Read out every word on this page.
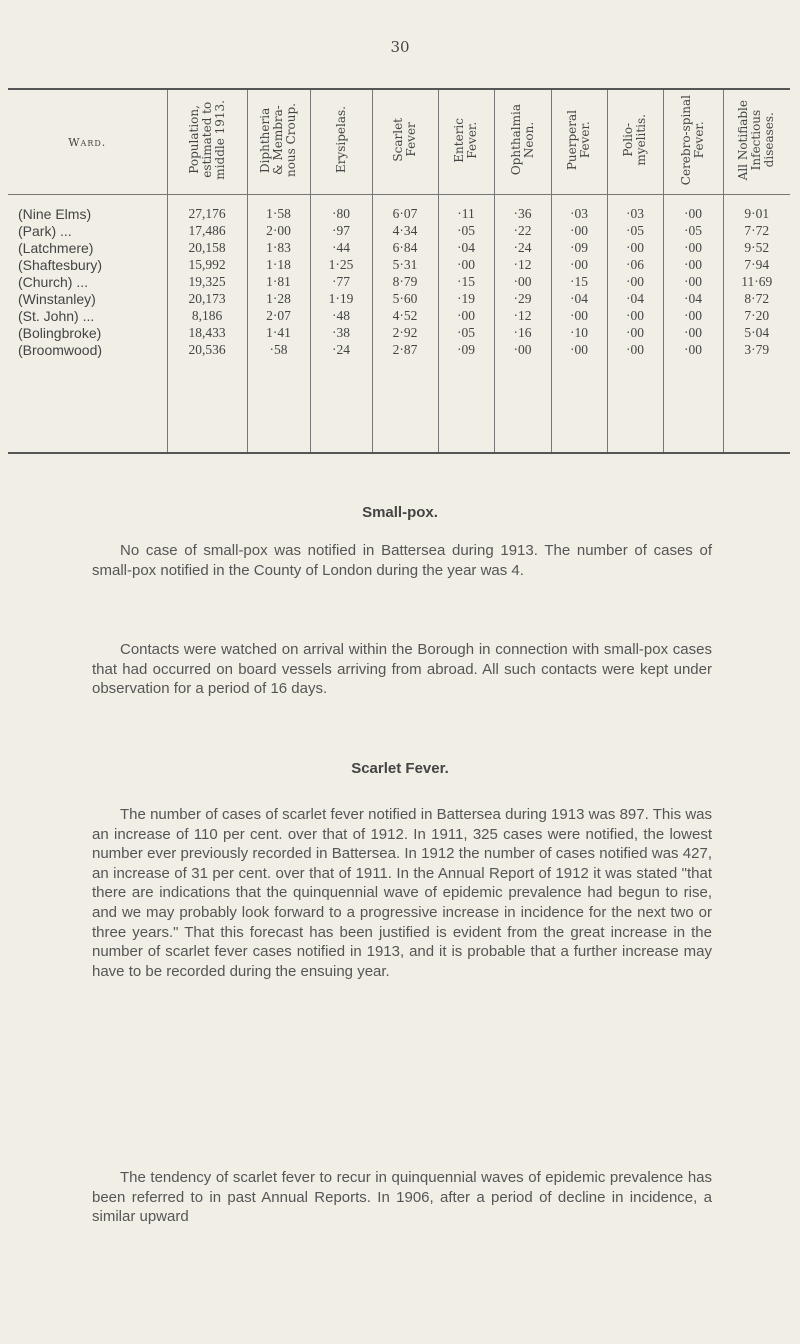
30
Ward.	Population,
estimated to
middle 1913.	Diphtheria
& Membra-
nous Croup.	Erysipelas.	Scarlet
Fever	Enteric
Fever.	Ophthalmia
Neon.	Puerperal
Fever.	Polio-
myelitis.	Cerebro-spinal
Fever.	All Notifiable
Infectious
diseases.
(Nine Elms)	27,176	1·58	·80	6·07	·11	·36	·03	·03	·00	9·01
(Park) ...	17,486	2·00	·97	4·34	·05	·22	·00	·05	·05	7·72
(Latchmere)	20,158	1·83	·44	6·84	·04	·24	·09	·00	·00	9·52
(Shaftesbury)	15,992	1·18	1·25	5·31	·00	·12	·00	·06	·00	7·94
(Church) ...	19,325	1·81	·77	8·79	·15	·00	·15	·00	·00	11·69
(Winstanley)	20,173	1·28	1·19	5·60	·19	·29	·04	·04	·04	8·72
(St. John) ...	8,186	2·07	·48	4·52	·00	·12	·00	·00	·00	7·20
(Bolingbroke)	18,433	1·41	·38	2·92	·05	·16	·10	·00	·00	5·04
(Broomwood)	20,536	·58	·24	2·87	·09	·00	·00	·00	·00	3·79

Small-pox.
No case of small-pox was notified in Battersea during 1913. The number of cases of small-pox notified in the County of London during the year was 4.
Contacts were watched on arrival within the Borough in connection with small-pox cases that had occurred on board vessels arriving from abroad. All such contacts were kept under observation for a period of 16 days.
Scarlet Fever.
The number of cases of scarlet fever notified in Battersea during 1913 was 897. This was an increase of 110 per cent. over that of 1912. In 1911, 325 cases were notified, the lowest number ever previously recorded in Battersea. In 1912 the number of cases notified was 427, an increase of 31 per cent. over that of 1911. In the Annual Report of 1912 it was stated "that there are indications that the quinquennial wave of epidemic prevalence had begun to rise, and we may probably look forward to a progressive increase in incidence for the next two or three years." That this forecast has been justified is evident from the great increase in the number of scarlet fever cases notified in 1913, and it is probable that a further increase may have to be recorded during the ensuing year.
The tendency of scarlet fever to recur in quinquennial waves of epidemic prevalence has been referred to in past Annual Reports. In 1906, after a period of decline in incidence, a similar upward
